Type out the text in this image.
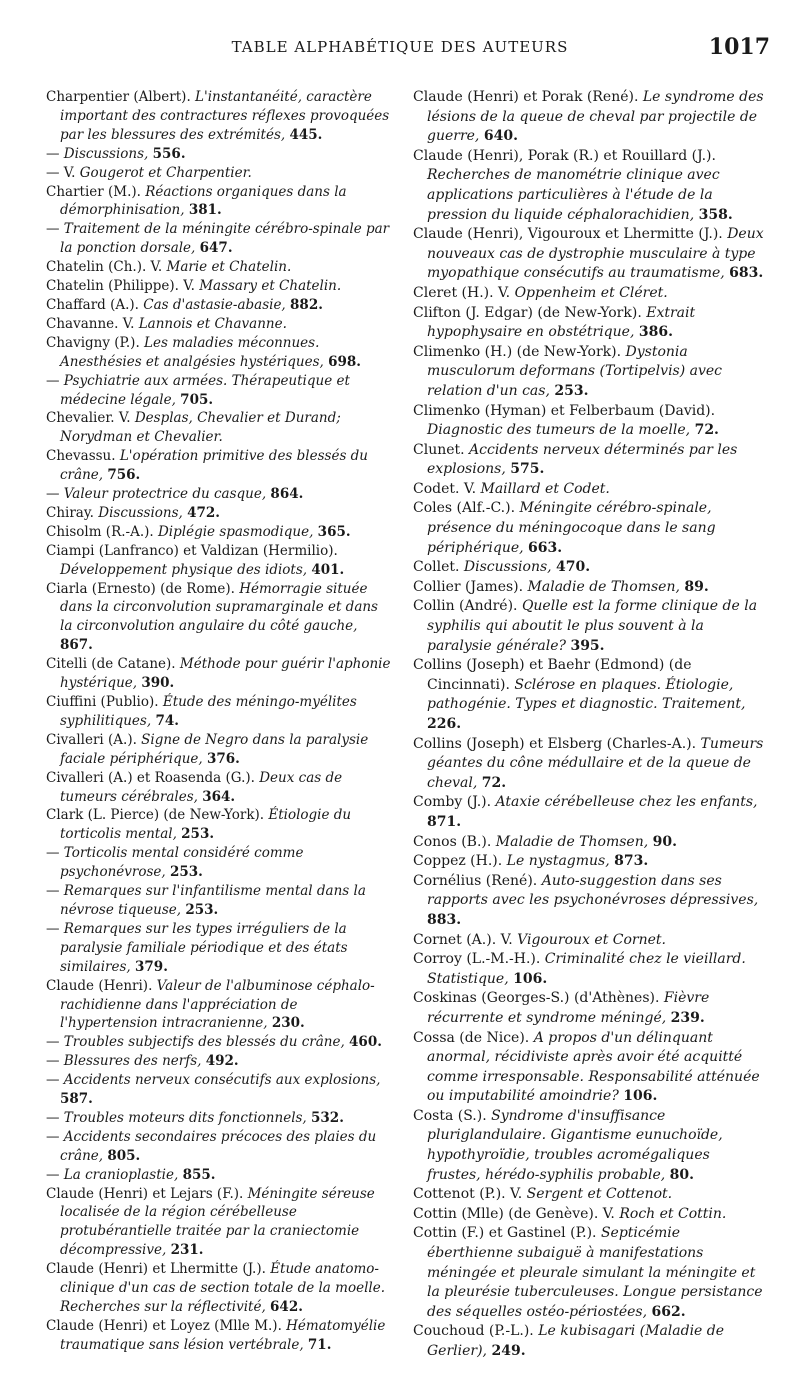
TABLE ALPHABÉTIQUE DES AUTEURS	1017

Charpentier (Albert). L'instantanéité, caractère important des contractures réflexes provoquées par les blessures des extrémités, 445.

— Discussions, 556.

— V. Gougerot et Charpentier.

Chartier (M.). Réactions organiques dans la démorphinisation, 381.

— Traitement de la méningite cérébro-spinale par la ponction dorsale, 647.

Chatelin (Ch.). V. Marie et Chatelin.

Chatelin (Philippe). V. Massary et Chatelin.

Chaffard (A.). Cas d'astasie-abasie, 882.

Chavanne. V. Lannois et Chavanne.

Chavigny (P.). Les maladies méconnues. Anesthésies et analgésies hystériques, 698.

— Psychiatrie aux armées. Thérapeutique et médecine légale, 705.

Chevalier. V. Desplas, Chevalier et Durand; Norydman et Chevalier.

Chevassu. L'opération primitive des blessés du crâne, 756.

— Valeur protectrice du casque, 864.

Chiray. Discussions, 472.

Chisolm (R.-A.). Diplégie spasmodique, 365.

Ciampi (Lanfranco) et Valdizan (Hermilio). Développement physique des idiots, 401.

Ciarla (Ernesto) (de Rome). Hémorragie située dans la circonvolution supramarginale et dans la circonvolution angulaire du côté gauche, 867.

Citelli (de Catane). Méthode pour guérir l'aphonie hystérique, 390.

Ciuffini (Publio). Étude des méningo-myélites syphilitiques, 74.

Civalleri (A.). Signe de Negro dans la paralysie faciale périphérique, 376.

Civalleri (A.) et Roasenda (G.). Deux cas de tumeurs cérébrales, 364.

Clark (L. Pierce) (de New-York). Étiologie du torticolis mental, 253.

— Torticolis mental considéré comme psychonévrose, 253.

— Remarques sur l'infantilisme mental dans la névrose tiqueuse, 253.

— Remarques sur les types irréguliers de la paralysie familiale périodique et des états similaires, 379.

Claude (Henri). Valeur de l'albuminose céphalo-rachidienne dans l'appréciation de l'hypertension intracranienne, 230.

— Troubles subjectifs des blessés du crâne, 460.

— Blessures des nerfs, 492.

— Accidents nerveux consécutifs aux explosions, 587.

— Troubles moteurs dits fonctionnels, 532.

— Accidents secondaires précoces des plaies du crâne, 805.

— La cranioplastie, 855.

Claude (Henri) et Lejars (F.). Méningite séreuse localisée de la région cérébelleuse protubérantielle traitée par la craniectomie décompressive, 231.

Claude (Henri) et Lhermitte (J.). Étude anatomo-clinique d'un cas de section totale de la moelle. Recherches sur la réflectivité, 642.

Claude (Henri) et Loyez (Mlle M.). Hématomyélie traumatique sans lésion vertébrale, 71.

Claude (Henri) et Porak (René). Le syndrome des lésions de la queue de cheval par projectile de guerre, 640.

Claude (Henri), Porak (R.) et Rouillard (J.). Recherches de manométrie clinique avec applications particulières à l'étude de la pression du liquide céphalorachidien, 358.

Claude (Henri), Vigouroux et Lhermitte (J.). Deux nouveaux cas de dystrophie musculaire à type myopathique consécutifs au traumatisme, 683.

Cleret (H.). V. Oppenheim et Cléret.

Clifton (J. Edgar) (de New-York). Extrait hypophysaire en obstétrique, 386.

Climenko (H.) (de New-York). Dystonia musculorum deformans (Tortipelvis) avec relation d'un cas, 253.

Climenko (Hyman) et Felberbaum (David). Diagnostic des tumeurs de la moelle, 72.

Clunet. Accidents nerveux déterminés par les explosions, 575.

Codet. V. Maillard et Codet.

Coles (Alf.-C.). Méningite cérébro-spinale, présence du méningocoque dans le sang périphérique, 663.

Collet. Discussions, 470.

Collier (James). Maladie de Thomsen, 89.

Collin (André). Quelle est la forme clinique de la syphilis qui aboutit le plus souvent à la paralysie générale? 395.

Collins (Joseph) et Baehr (Edmond) (de Cincinnati). Sclérose en plaques. Étiologie, pathogénie. Types et diagnostic. Traitement, 226.

Collins (Joseph) et Elsberg (Charles-A.). Tumeurs géantes du cône médullaire et de la queue de cheval, 72.

Comby (J.). Ataxie cérébelleuse chez les enfants, 871.

Conos (B.). Maladie de Thomsen, 90.

Coppez (H.). Le nystagmus, 873.

Cornélius (René). Auto-suggestion dans ses rapports avec les psychonévroses dépressives, 883.

Cornet (A.). V. Vigouroux et Cornet.

Corroy (L.-M.-H.). Criminalité chez le vieillard. Statistique, 106.

Coskinas (Georges-S.) (d'Athènes). Fièvre récurrente et syndrome méningé, 239.

Cossa (de Nice). A propos d'un délinquant anormal, récidiviste après avoir été acquitté comme irresponsable. Responsabilité atténuée ou imputabilité amoindrie? 106.

Costa (S.). Syndrome d'insuffisance pluriglandulaire. Gigantisme eunuchoïde, hypothyroïdie, troubles acromégaliques frustes, hérédo-syphilis probable, 80.

Cottenot (P.). V. Sergent et Cottenot.

Cottin (Mlle) (de Genève). V. Roch et Cottin.

Cottin (F.) et Gastinel (P.). Septicémie éberthienne subaiguë à manifestations méningée et pleurale simulant la méningite et la pleurésie tuberculeuses. Longue persistance des séquelles ostéo-périostées, 662.

Couchoud (P.-L.). Le kubisagari (Maladie de Gerlier), 249.
